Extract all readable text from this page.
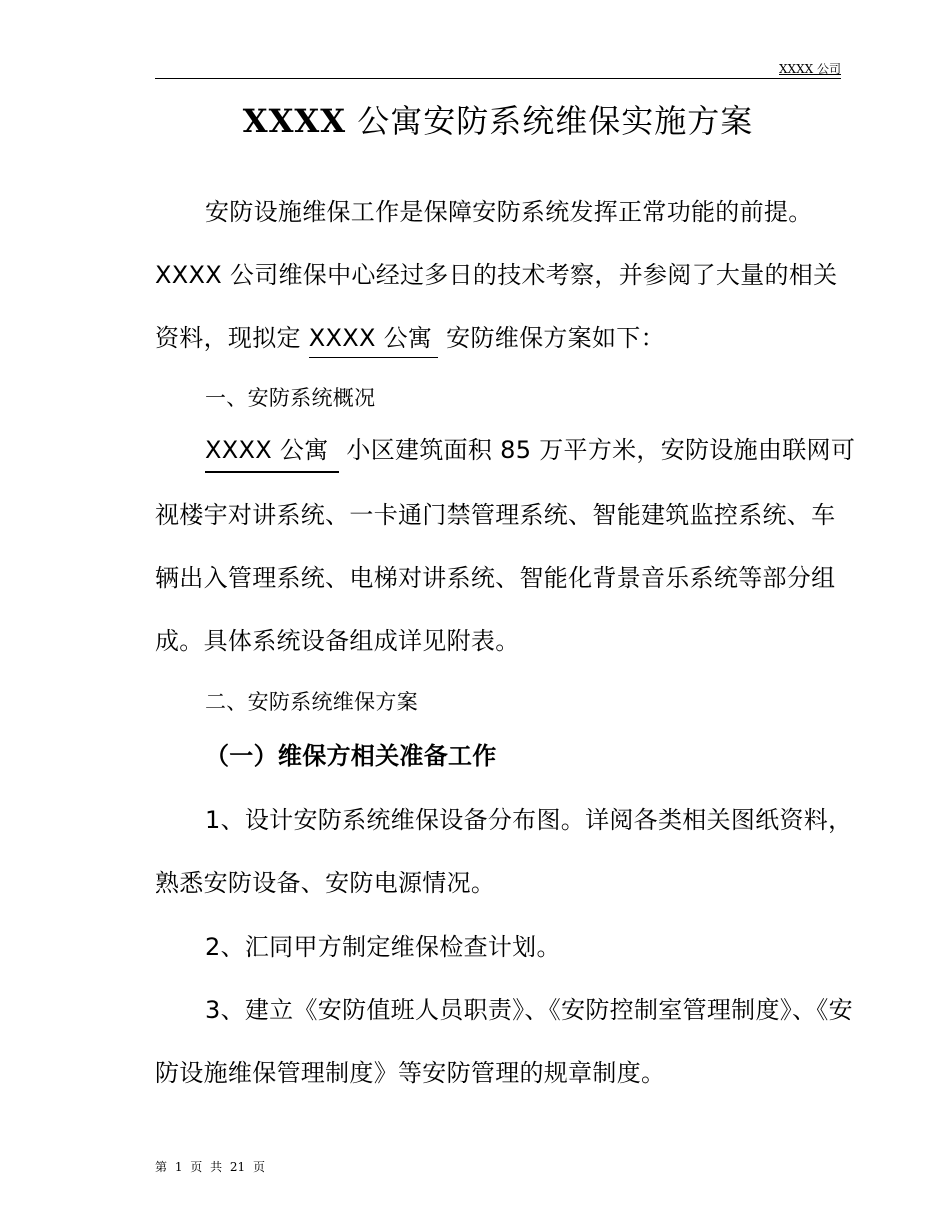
XXXX 公司
XXXX 公寓安防系统维保实施方案
安防设施维保工作是保障安防系统发挥正常功能的前提。
XXXX 公司维保中心经过多日的技术考察，并参阅了大量的相关
资料，现拟定 XXXX 公寓 安防维保方案如下：
一、安防系统概况
XXXX 公寓 小区建筑面积 85 万平方米，安防设施由联网可
视楼宇对讲系统、一卡通门禁管理系统、智能建筑监控系统、车
辆出入管理系统、电梯对讲系统、智能化背景音乐系统等部分组
成。具体系统设备组成详见附表。
二、安防系统维保方案
（一）维保方相关准备工作
1、设计安防系统维保设备分布图。详阅各类相关图纸资料，
熟悉安防设备、安防电源情况。
2、汇同甲方制定维保检查计划。
3、建立《安防值班人员职责》、《安防控制室管理制度》、《安
防设施维保管理制度》等安防管理的规章制度。
第 1 页 共 21 页
